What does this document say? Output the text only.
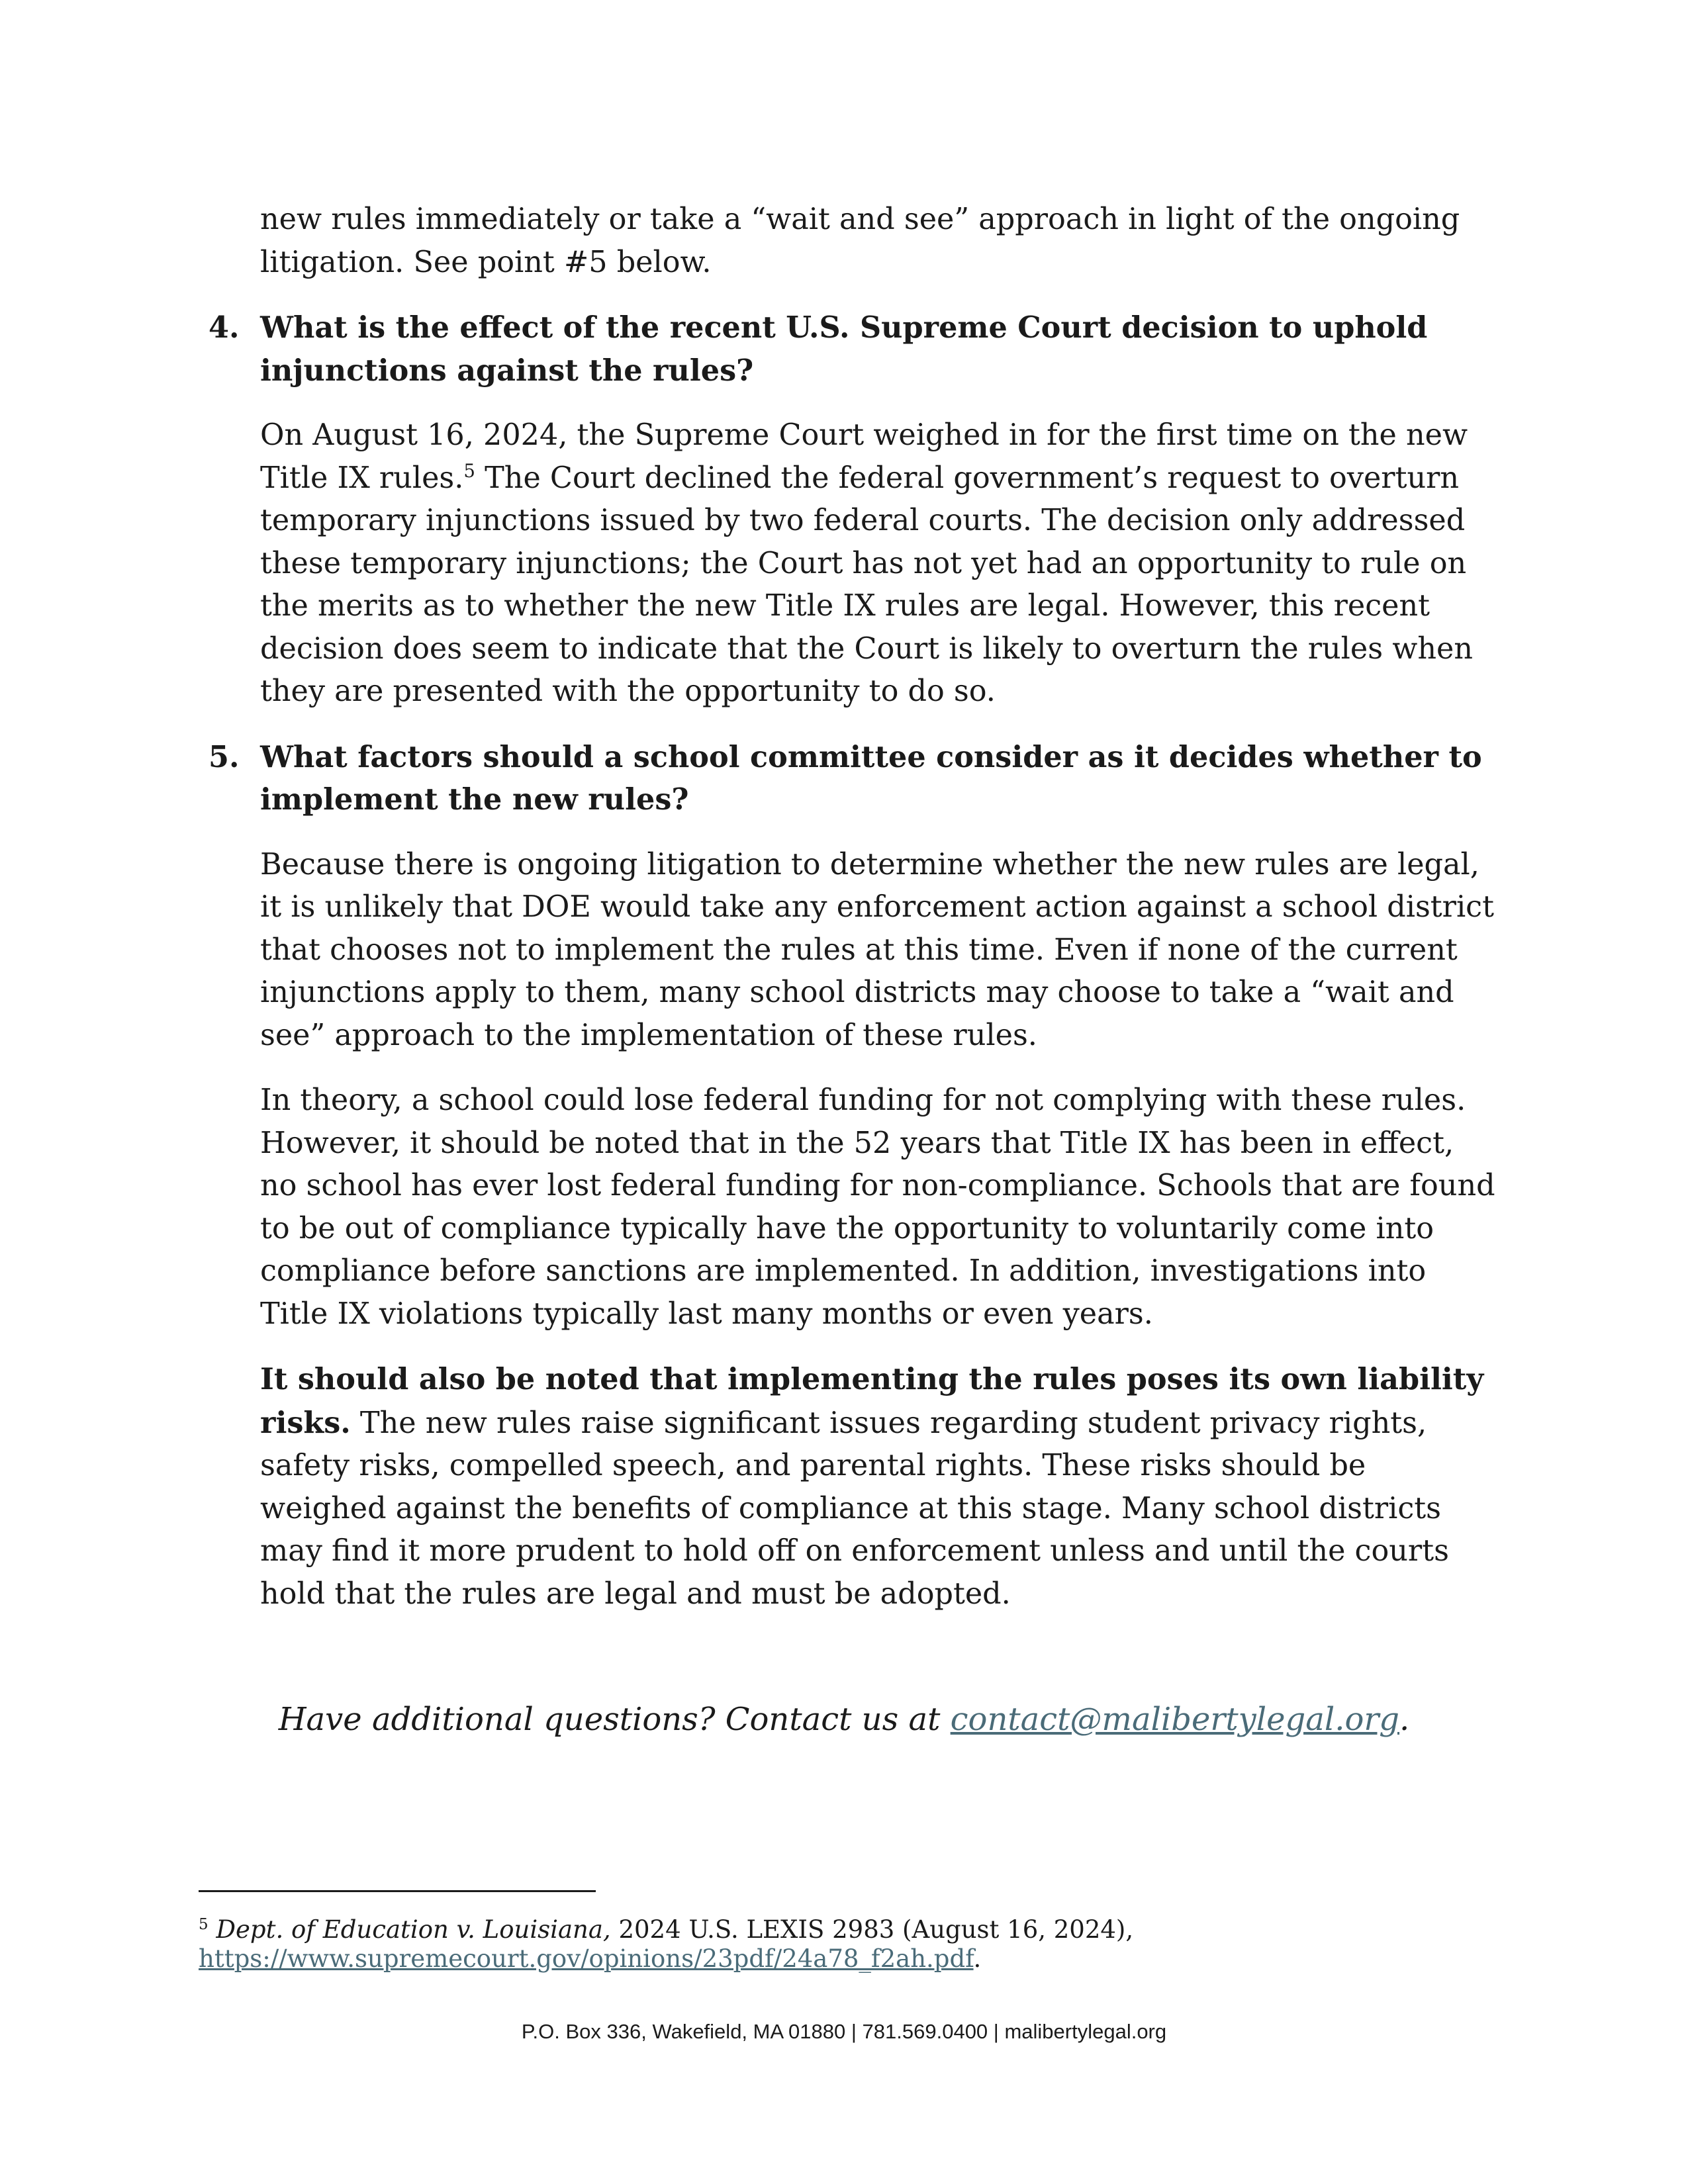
new rules immediately or take a “wait and see” approach in light of the ongoing litigation. See point #5 below.

4. What is the effect of the recent U.S. Supreme Court decision to uphold injunctions against the rules?

On August 16, 2024, the Supreme Court weighed in for the first time on the new Title IX rules.$^5$ The Court declined the federal government’s request to overturn temporary injunctions issued by two federal courts. The decision only addressed these temporary injunctions; the Court has not yet had an opportunity to rule on the merits as to whether the new Title IX rules are legal. However, this recent decision does seem to indicate that the Court is likely to overturn the rules when they are presented with the opportunity to do so.

5. What factors should a school committee consider as it decides whether to implement the new rules?

Because there is ongoing litigation to determine whether the new rules are legal, it is unlikely that DOE would take any enforcement action against a school district that chooses not to implement the rules at this time. Even if none of the current injunctions apply to them, many school districts may choose to take a “wait and see” approach to the implementation of these rules.

In theory, a school could lose federal funding for not complying with these rules. However, it should be noted that in the 52 years that Title IX has been in effect, no school has ever lost federal funding for non-compliance. Schools that are found to be out of compliance typically have the opportunity to voluntarily come into compliance before sanctions are implemented. In addition, investigations into Title IX violations typically last many months or even years.

It should also be noted that implementing the rules poses its own liability risks. The new rules raise significant issues regarding student privacy rights, safety risks, compelled speech, and parental rights. These risks should be weighed against the benefits of compliance at this stage. Many school districts may find it more prudent to hold off on enforcement unless and until the courts hold that the rules are legal and must be adopted.

Have additional questions? Contact us at contact@malibertylegal.org.
$^5$ Dept. of Education v. Louisiana, 2024 U.S. LEXIS 2983 (August 16, 2024),
https://www.supremecourt.gov/opinions/23pdf/24a78_f2ah.pdf.
P.O. Box 336, Wakefield, MA 01880 | 781.569.0400 | malibertylegal.org
